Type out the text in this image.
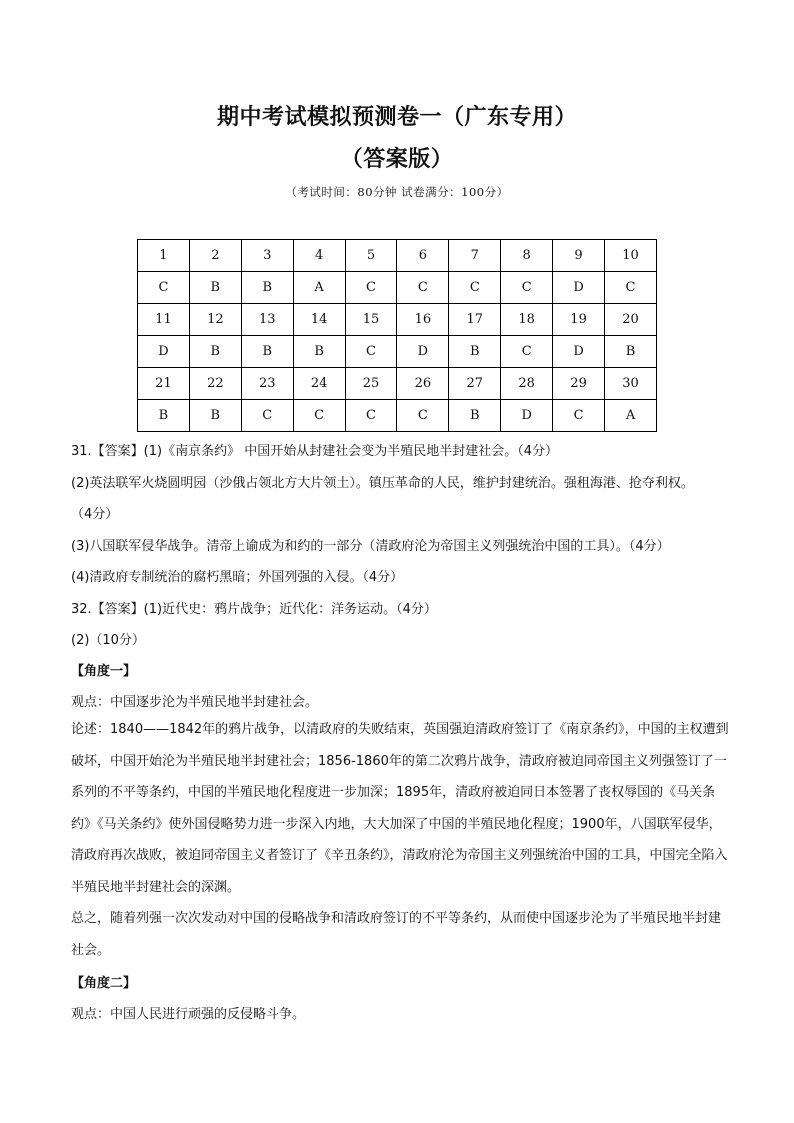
期中考试模拟预测卷一（广东专用）
（答案版）
（考试时间：80分钟 试卷满分：100分）
1	2	3	4	5	6	7	8	9	10
C	B	B	A	C	C	C	C	D	C
11	12	13	14	15	16	17	18	19	20
D	B	B	B	C	D	B	C	D	B
21	22	23	24	25	26	27	28	29	30
B	B	C	C	C	C	B	D	C	A
31.【答案】(1)《南京条约》 中国开始从封建社会变为半殖民地半封建社会。（4分）
(2)英法联军火烧圆明园（沙俄占领北方大片领土）。镇压革命的人民，维护封建统治。强租海港、抢夺利权。
（4分）
(3)八国联军侵华战争。清帝上谕成为和约的一部分（清政府沦为帝国主义列强统治中国的工具）。（4分）
(4)清政府专制统治的腐朽黑暗；外国列强的入侵。（4分）
32.【答案】(1)近代史：鸦片战争；近代化：洋务运动。（4分）
(2)（10分）
【角度一】
观点：中国逐步沦为半殖民地半封建社会。
论述：1840——1842年的鸦片战争，以清政府的失败结束，英国强迫清政府签订了《南京条约》，中国的主权遭到破坏，中国开始沦为半殖民地半封建社会；1856-1860年的第二次鸦片战争，清政府被迫同帝国主义列强签订了一系列的不平等条约，中国的半殖民地化程度进一步加深；1895年，清政府被迫同日本签署了丧权辱国的《马关条约》《马关条约》使外国侵略势力进一步深入内地，大大加深了中国的半殖民地化程度；1900年，八国联军侵华，清政府再次战败，被迫同帝国主义者签订了《辛丑条约》，清政府沦为帝国主义列强统治中国的工具，中国完全陷入半殖民地半封建社会的深渊。
总之，随着列强一次次发动对中国的侵略战争和清政府签订的不平等条约，从而使中国逐步沦为了半殖民地半封建社会。
【角度二】
观点：中国人民进行顽强的反侵略斗争。
